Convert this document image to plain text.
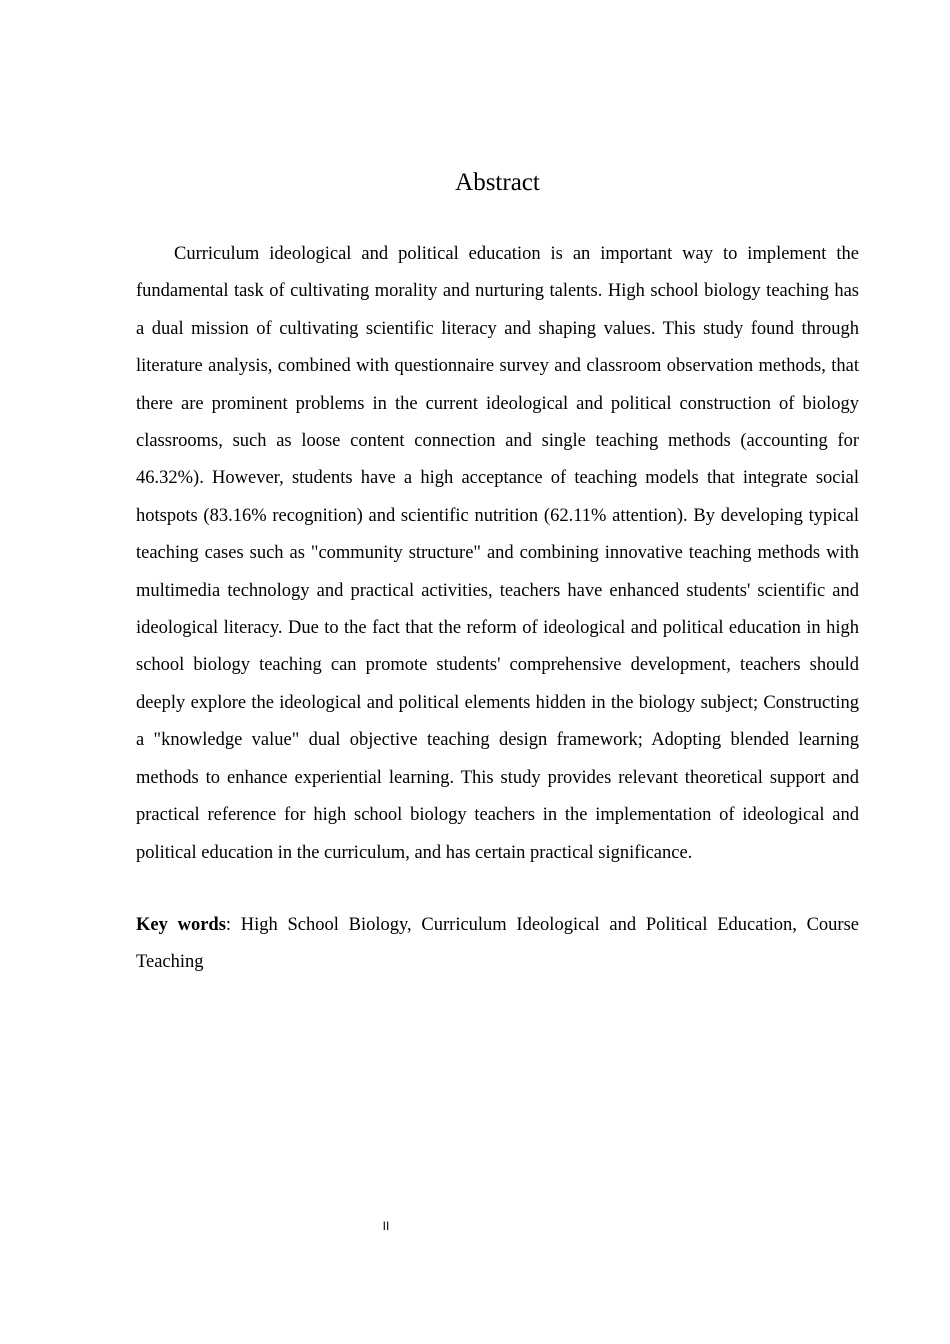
Abstract

Curriculum ideological and political education is an important way to implement the fundamental task of cultivating morality and nurturing talents. High school biology teaching has a dual mission of cultivating scientific literacy and shaping values. This study found through literature analysis, combined with questionnaire survey and classroom observation methods, that there are prominent problems in the current ideological and political construction of biology classrooms, such as loose content connection and single teaching methods (accounting for 46.32%). However, students have a high acceptance of teaching models that integrate social hotspots (83.16% recognition) and scientific nutrition (62.11% attention). By developing typical teaching cases such as "community structure" and combining innovative teaching methods with multimedia technology and practical activities, teachers have enhanced students' scientific and ideological literacy. Due to the fact that the reform of ideological and political education in high school biology teaching can promote students' comprehensive development, teachers should deeply explore the ideological and political elements hidden in the biology subject; Constructing a "knowledge value" dual objective teaching design framework; Adopting blended learning methods to enhance experiential learning. This study provides relevant theoretical support and practical reference for high school biology teachers in the implementation of ideological and political education in the curriculum, and has certain practical significance.

Key words: High School Biology, Curriculum Ideological and Political Education, Course Teaching

II
